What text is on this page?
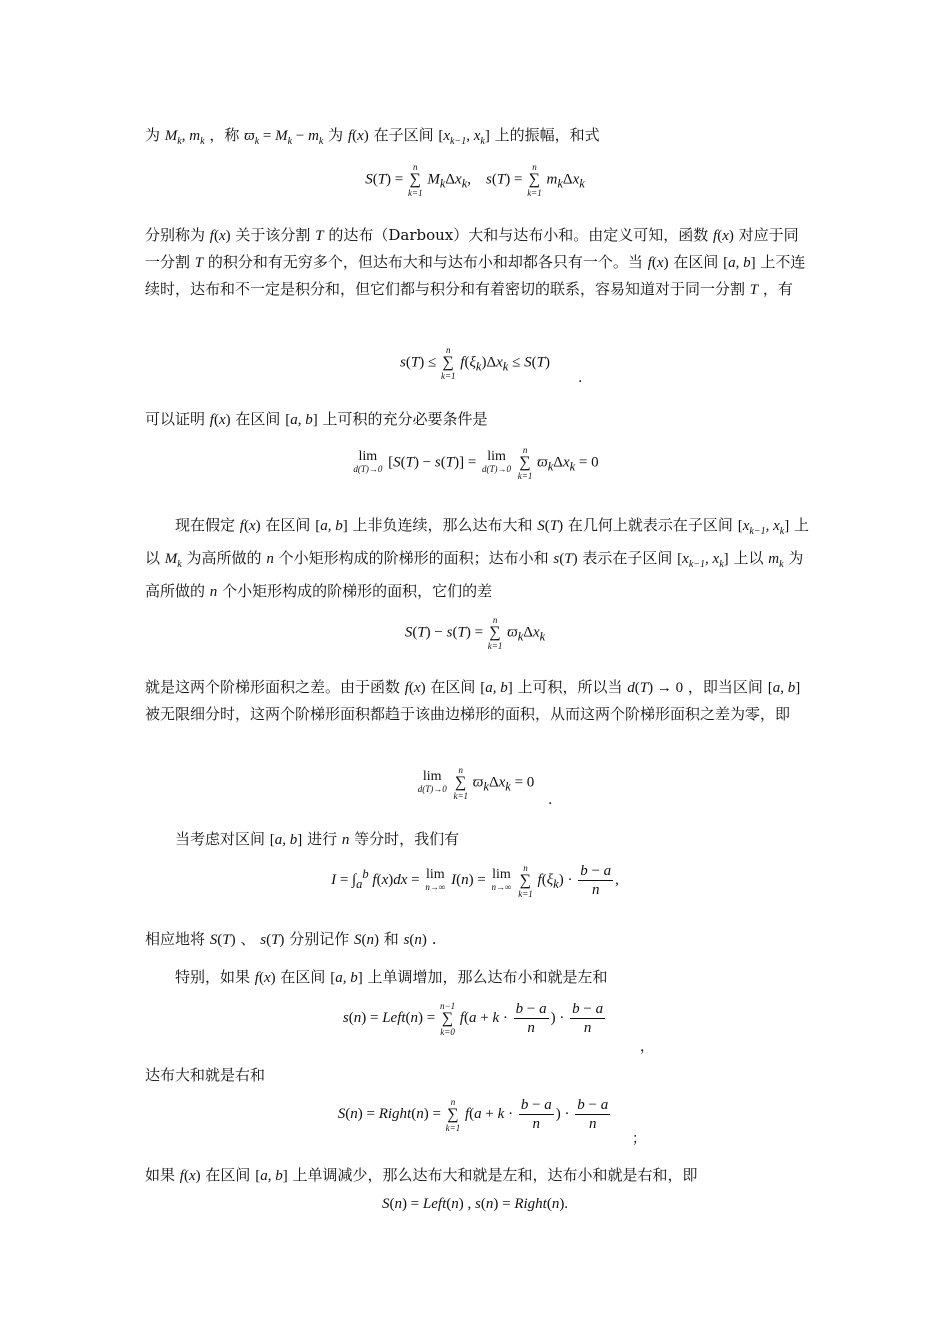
为 $M_k$, $m_k$ ，称 $ϖ_k = M_k - m_k$ 为 f(x) 在子区间 [$x_{k-1}$, $x_k$] 上的振幅，和式
S(T) =
n
∑
k=1
$M_k\Delta x_k$,    s(T) =
n
∑
k=1
$m_k\Delta x_k$
分别称为 f(x) 关于该分割 T 的达布（Darboux）大和与达布小和。由定义可知，函数 f(x) 对应于同一分割 T 的积分和有无穷多个，但达布大和与达布小和却都各只有一个。当 f(x) 在区间 [a, b] 上不连续时，达布和不一定是积分和，但它们都与积分和有着密切的联系，容易知道对于同一分割 T ，有
s(T) ≤
n
∑
k=1
$f(\xi_k)\Delta x_k \le S(T)$
.
可以证明 f(x) 在区间 [a, b] 上可积的充分必要条件是
lim
d(T)→0 [S(T) − s(T)] = lim
d(T)→0

n
∑
k=1
$ϖ_k\Delta x_k = 0$
现在假定 f(x) 在区间 [a, b] 上非负连续，那么达布大和 S(T) 在几何上就表示在子区间 [$x_{k-1}$, $x_k$] 上以 $M_k$ 为高所做的 n 个小矩形构成的阶梯形的面积；达布小和 s(T) 表示在子区间 [$x_{k-1}$, $x_k$] 上以 $m_k$ 为高所做的 n 个小矩形构成的阶梯形的面积，它们的差
S(T) − s(T) =
n
∑
k=1
$ϖ_k\Delta x_k$
就是这两个阶梯形面积之差。由于函数 f(x) 在区间 [a, b] 上可积，所以当 d(T) → 0 ，即当区间 [a, b] 被无限细分时，这两个阶梯形面积都趋于该曲边梯形的面积，从而这两个阶梯形面积之差为零，即
lim
d(T)→0

n
∑
k=1
$ϖ_k\Delta x_k = 0$
.
当考虑对区间 [a, b] 进行 n 等分时，我们有
$I = \int_a^b$ f(x)dx = lim
n→∞ I(n) = lim
n→∞

n
∑
k=1
$f(\xi_k) \cdot \frac{b - a}{n}$ ,
相应地将 S(T) 、 s(T) 分别记作 S(n) 和 s(n) .
特别，如果 f(x) 在区间 [a, b] 上单调增加，那么达布小和就是左和
s(n) = Left(n) =
n−1
∑
k=0
$f(a + k \cdot \frac{b - a}{n}$ ) · $\frac{b - a}{n}$
，
达布大和就是右和
S(n) = Right(n) =
n
∑
k=1
$f(a + k \cdot \frac{b - a}{n}$ ) · $\frac{b - a}{n}$
；
如果 f(x) 在区间 [a, b] 上单调减少，那么达布大和就是左和，达布小和就是右和，即
S(n) = Left(n) , s(n) = Right(n).
